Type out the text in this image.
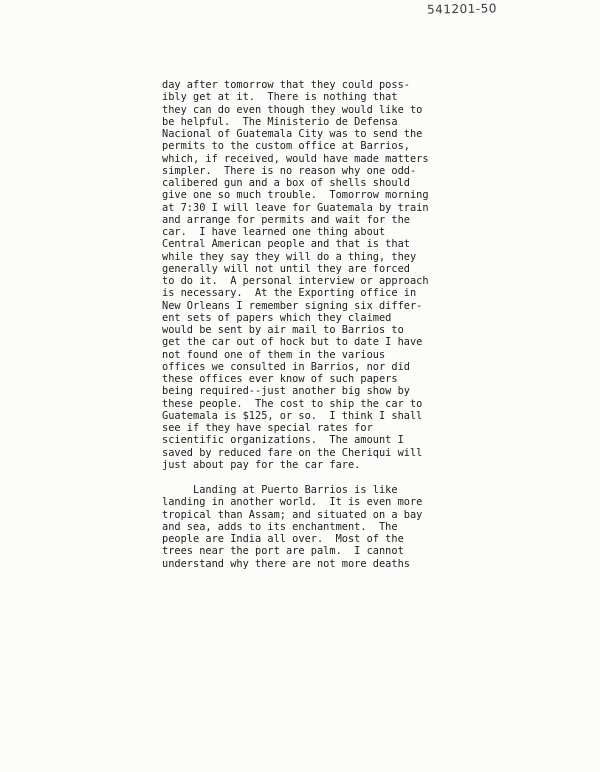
541201-50

day after tomorrow that they could poss-
ibly get at it.  There is nothing that
they can do even though they would like to
be helpful.  The Ministerio de Defensa
Nacional of Guatemala City was to send the
permits to the custom office at Barrios,
which, if received, would have made matters
simpler.  There is no reason why one odd-
calibered gun and a box of shells should
give one so much trouble.  Tomorrow morning
at 7:30 I will leave for Guatemala by train
and arrange for permits and wait for the
car.  I have learned one thing about
Central American people and that is that
while they say they will do a thing, they
generally will not until they are forced
to do it.  A personal interview or approach
is necessary.  At the Exporting office in
New Orleans I remember signing six differ-
ent sets of papers which they claimed
would be sent by air mail to Barrios to
get the car out of hock but to date I have
not found one of them in the various
offices we consulted in Barrios, nor did
these offices ever know of such papers
being required--just another big show by
these people.  The cost to ship the car to
Guatemala is $125, or so.  I think I shall
see if they have special rates for
scientific organizations.  The amount I
saved by reduced fare on the Cheriqui will
just about pay for the car fare.

Landing at Puerto Barrios is like
landing in another world.  It is even more
tropical than Assam; and situated on a bay
and sea, adds to its enchantment.  The
people are India all over.  Most of the
trees near the port are palm.  I cannot
understand why there are not more deaths
